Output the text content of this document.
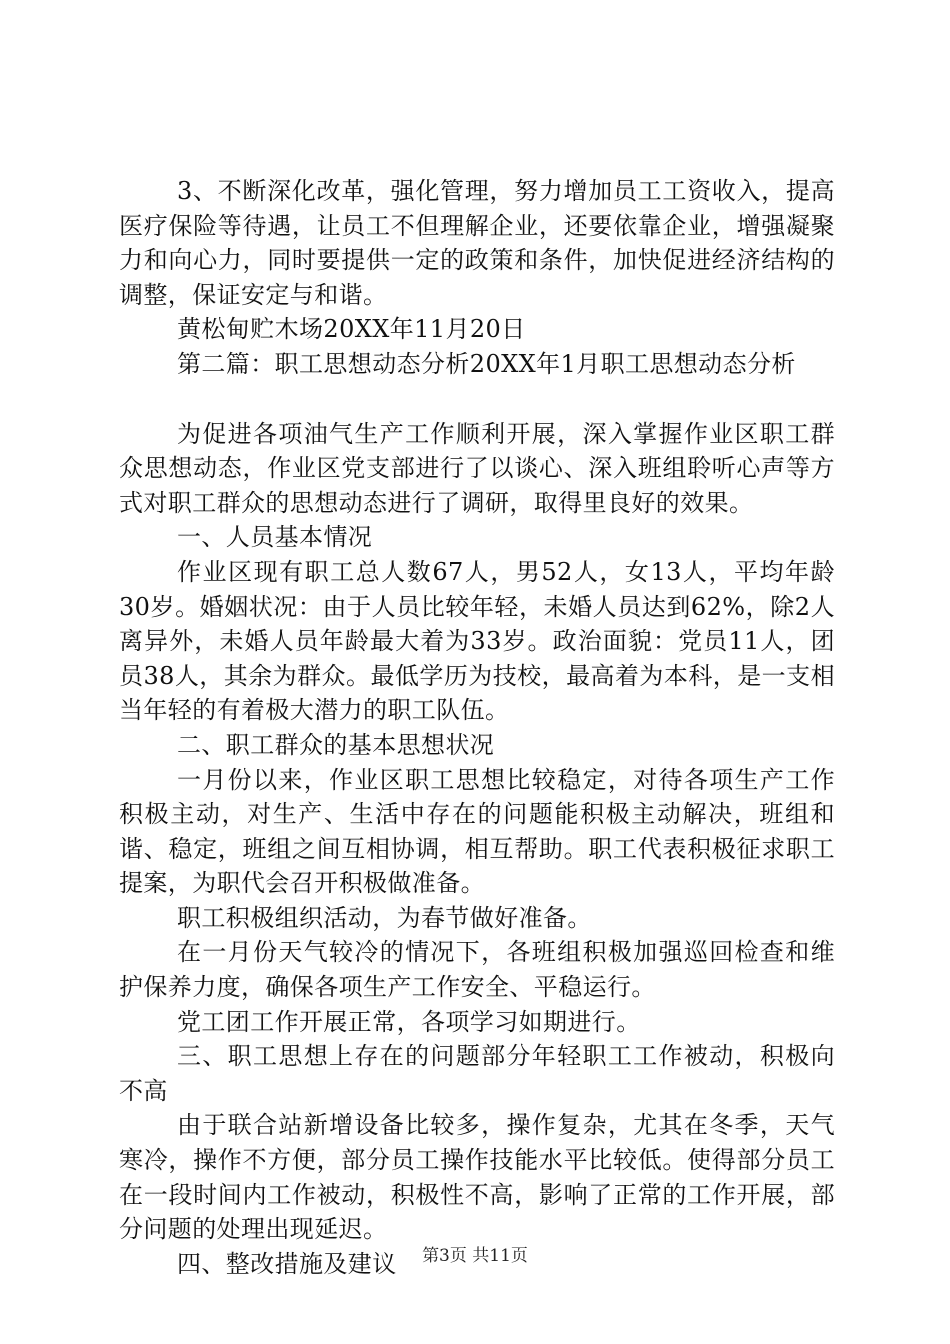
3、不断深化改革，强化管理，努力增加员工工资收入，提高医疗保险等待遇，让员工不但理解企业，还要依靠企业，增强凝聚力和向心力，同时要提供一定的政策和条件，加快促进经济结构的调整，保证安定与和谐。

黄松甸贮木场20XX年11月20日

第二篇：职工思想动态分析20XX年1月职工思想动态分析

为促进各项油气生产工作顺利开展，深入掌握作业区职工群众思想动态，作业区党支部进行了以谈心、深入班组聆听心声等方式对职工群众的思想动态进行了调研，取得里良好的效果。

一、人员基本情况

作业区现有职工总人数67人，男52人，女13人，平均年龄30岁。婚姻状况：由于人员比较年轻，未婚人员达到62%，除2人离异外，未婚人员年龄最大着为33岁。政治面貌：党员11人，团员38人，其余为群众。最低学历为技校，最高着为本科，是一支相当年轻的有着极大潜力的职工队伍。

二、职工群众的基本思想状况

一月份以来，作业区职工思想比较稳定，对待各项生产工作积极主动，对生产、生活中存在的问题能积极主动解决，班组和谐、稳定，班组之间互相协调，相互帮助。职工代表积极征求职工提案，为职代会召开积极做准备。

职工积极组织活动，为春节做好准备。

在一月份天气较冷的情况下，各班组积极加强巡回检查和维护保养力度，确保各项生产工作安全、平稳运行。

党工团工作开展正常，各项学习如期进行。

三、职工思想上存在的问题部分年轻职工工作被动，积极向不高

由于联合站新增设备比较多，操作复杂，尤其在冬季，天气寒冷，操作不方便，部分员工操作技能水平比较低。使得部分员工在一段时间内工作被动，积极性不高，影响了正常的工作开展，部分问题的处理出现延迟。

四、整改措施及建议	第3页 共11页
